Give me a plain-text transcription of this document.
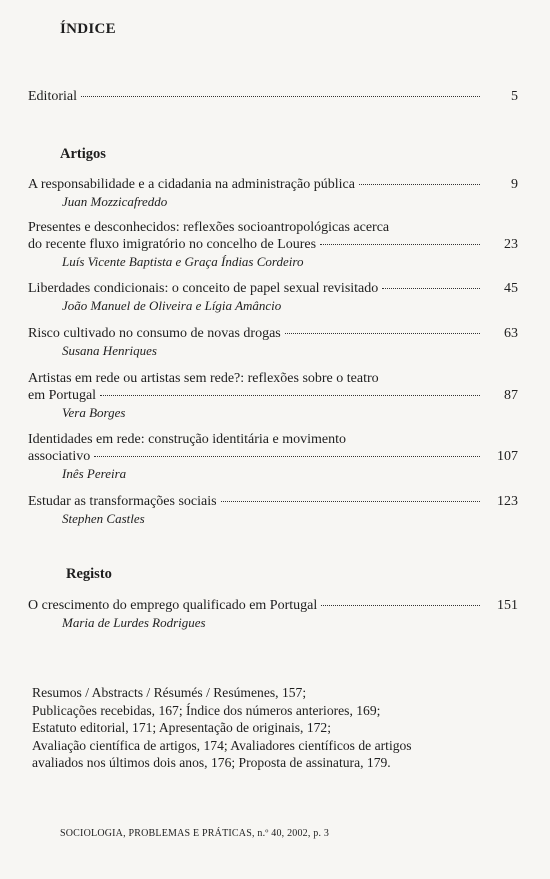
ÍNDICE
Editorial	5
Artigos
A responsabilidade e a cidadania na administração pública	9
Juan Mozzicafreddo
Presentes e desconhecidos: reflexões socioantropológicas acerca
do recente fluxo imigratório no concelho de Loures	23
Luís Vicente Baptista e Graça Índias Cordeiro
Liberdades condicionais: o conceito de papel sexual revisitado	45
João Manuel de Oliveira e Lígia Amâncio
Risco cultivado no consumo de novas drogas	63
Susana Henriques
Artistas em rede ou artistas sem rede?: reflexões sobre o teatro
em Portugal	87
Vera Borges
Identidades em rede: construção identitária e movimento
associativo	107
Inês Pereira
Estudar as transformações sociais	123
Stephen Castles
Registo
O crescimento do emprego qualificado em Portugal	151
Maria de Lurdes Rodrigues
Resumos / Abstracts / Résumés / Resúmenes, 157;
Publicações recebidas, 167; Índice dos números anteriores, 169;
Estatuto editorial, 171; Apresentação de originais, 172;
Avaliação científica de artigos, 174; Avaliadores científicos de artigos
avaliados nos últimos dois anos, 176; Proposta de assinatura, 179.
SOCIOLOGIA, PROBLEMAS E PRÁTICAS, n.º 40, 2002, p. 3
